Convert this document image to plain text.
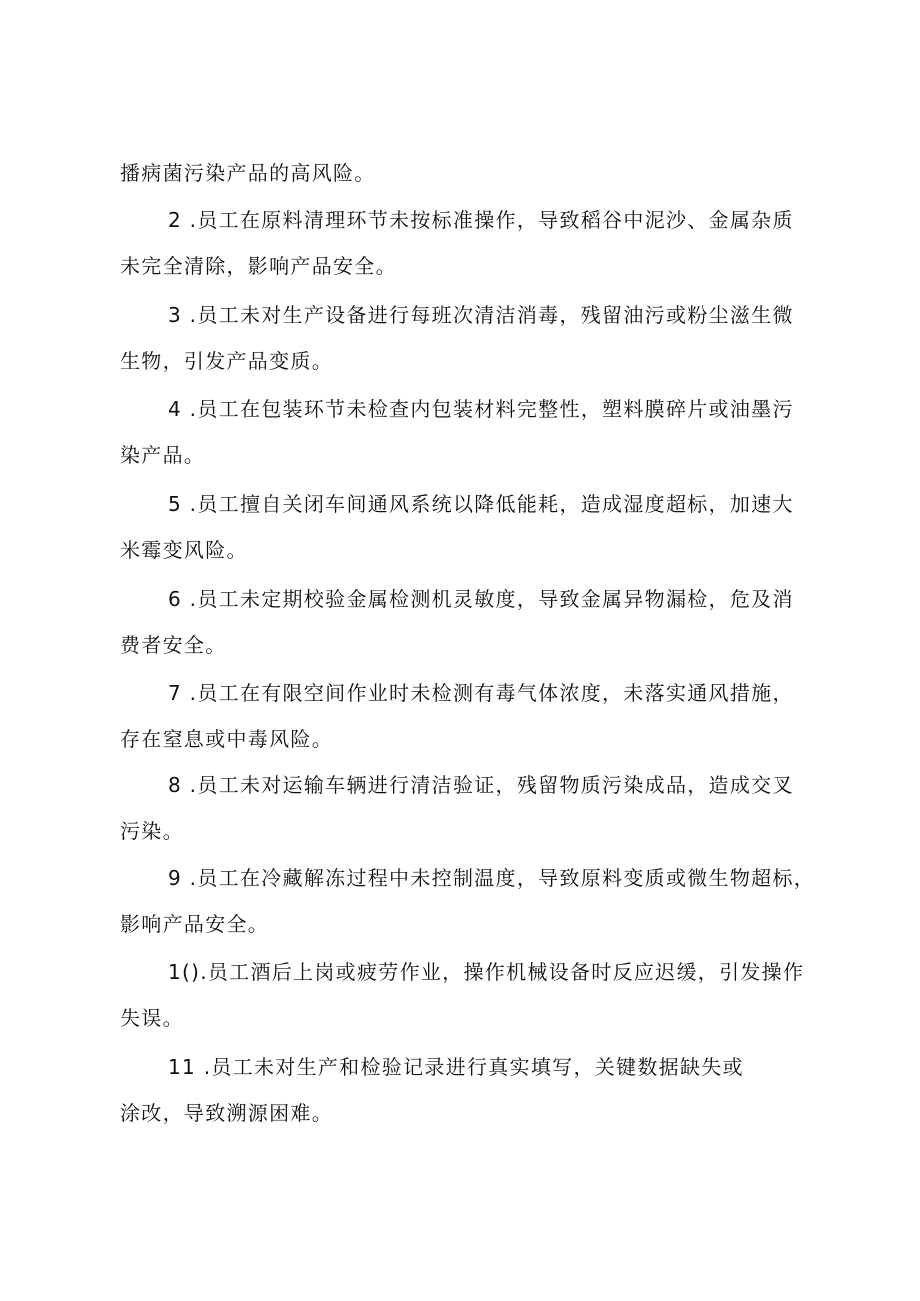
播病菌污染产品的高风险。
2 .员工在原料清理环节未按标准操作，导致稻谷中泥沙、金属杂质
未完全清除，影响产品安全。
3 .员工未对生产设备进行每班次清洁消毒，残留油污或粉尘滋生微
生物，引发产品变质。
4 .员工在包装环节未检查内包装材料完整性，塑料膜碎片或油墨污
染产品。
5 .员工擅自关闭车间通风系统以降低能耗，造成湿度超标，加速大
米霉变风险。
6 .员工未定期校验金属检测机灵敏度，导致金属异物漏检，危及消
费者安全。
7 .员工在有限空间作业时未检测有毒气体浓度，未落实通风措施，
存在窒息或中毒风险。
8 .员工未对运输车辆进行清洁验证，残留物质污染成品，造成交叉
污染。
9 .员工在冷藏解冻过程中未控制温度，导致原料变质或微生物超标，
影响产品安全。
1().员工酒后上岗或疲劳作业，操作机械设备时反应迟缓，引发操作
失误。
11 .员工未对生产和检验记录进行真实填写，关键数据缺失或
涂改，导致溯源困难。
